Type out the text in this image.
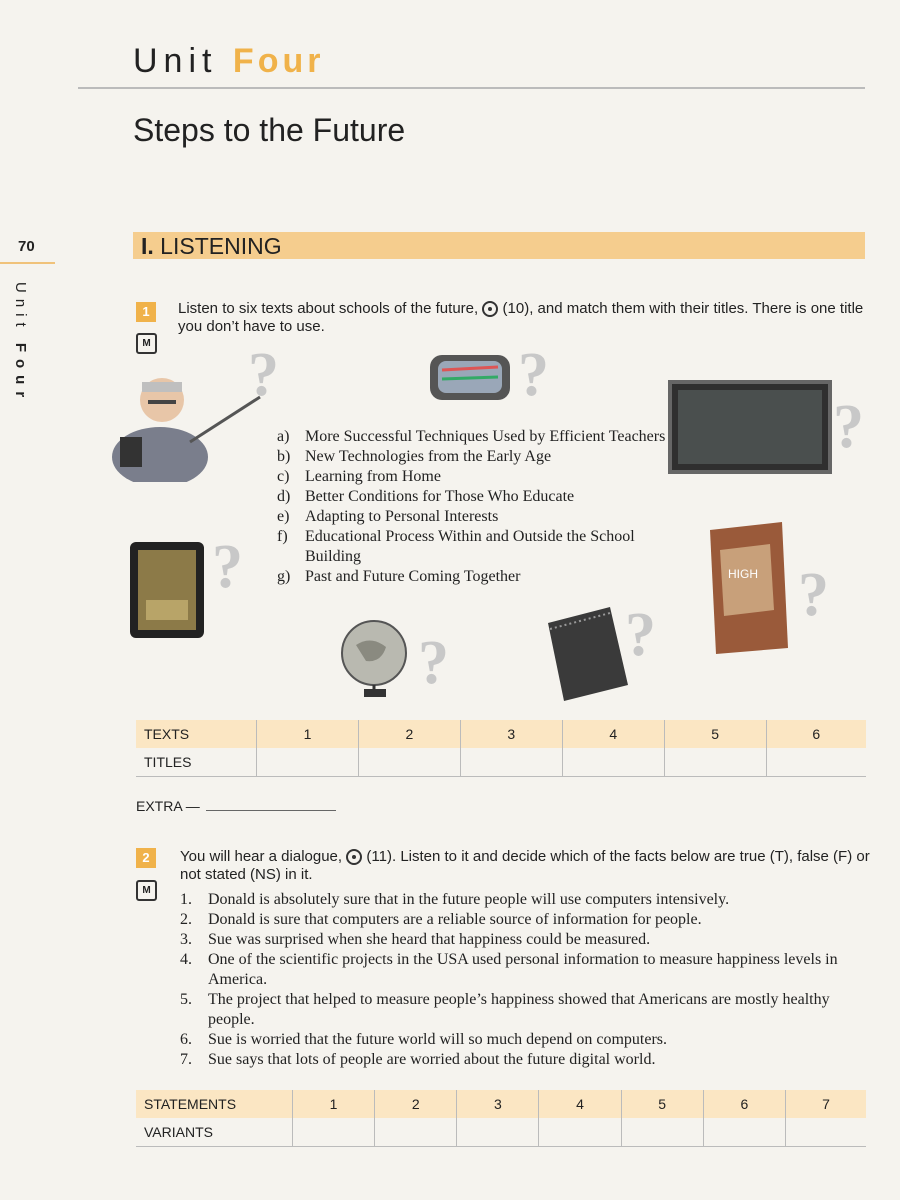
70
Unit Four
Unit Four
Steps to the Future
I. LISTENING
1
M
Listen to six texts about schools of the future, (10), and match them with their titles. There is one title you don’t have to use.
?	?
?
?
a) More Successful Techniques Used by Efficient Teachers
b) New Technologies from the Early Age
c) Learning from Home
d) Better Conditions for Those Who Educate
e) Adapting to Personal Interests
f)	Educational Process Within and Outside the School Building
g) Past and Future Coming Together	HIGH ?
?	?
TEXTS	1	2	3	4	5	6
TITLES						
EXTRA —
2
M
You will hear a dialogue, (11). Listen to it and decide which of the facts below are true (T), false (F) or not stated (NS) in it.
1.	Donald is absolutely sure that in the future people will use computers intensively.
2.	Donald is sure that computers are a reliable source of information for people.
3.	Sue was surprised when she heard that happiness could be measured.
4.	One of the scientific projects in the USA used personal information to measure happiness levels in America.
5.	The project that helped to measure people’s happiness showed that Americans are mostly healthy people.
6.	Sue is worried that the future world will so much depend on computers.
7.	Sue says that lots of people are worried about the future digital world.
STATEMENTS	1	2	3	4	5	6	7
VARIANTS							
